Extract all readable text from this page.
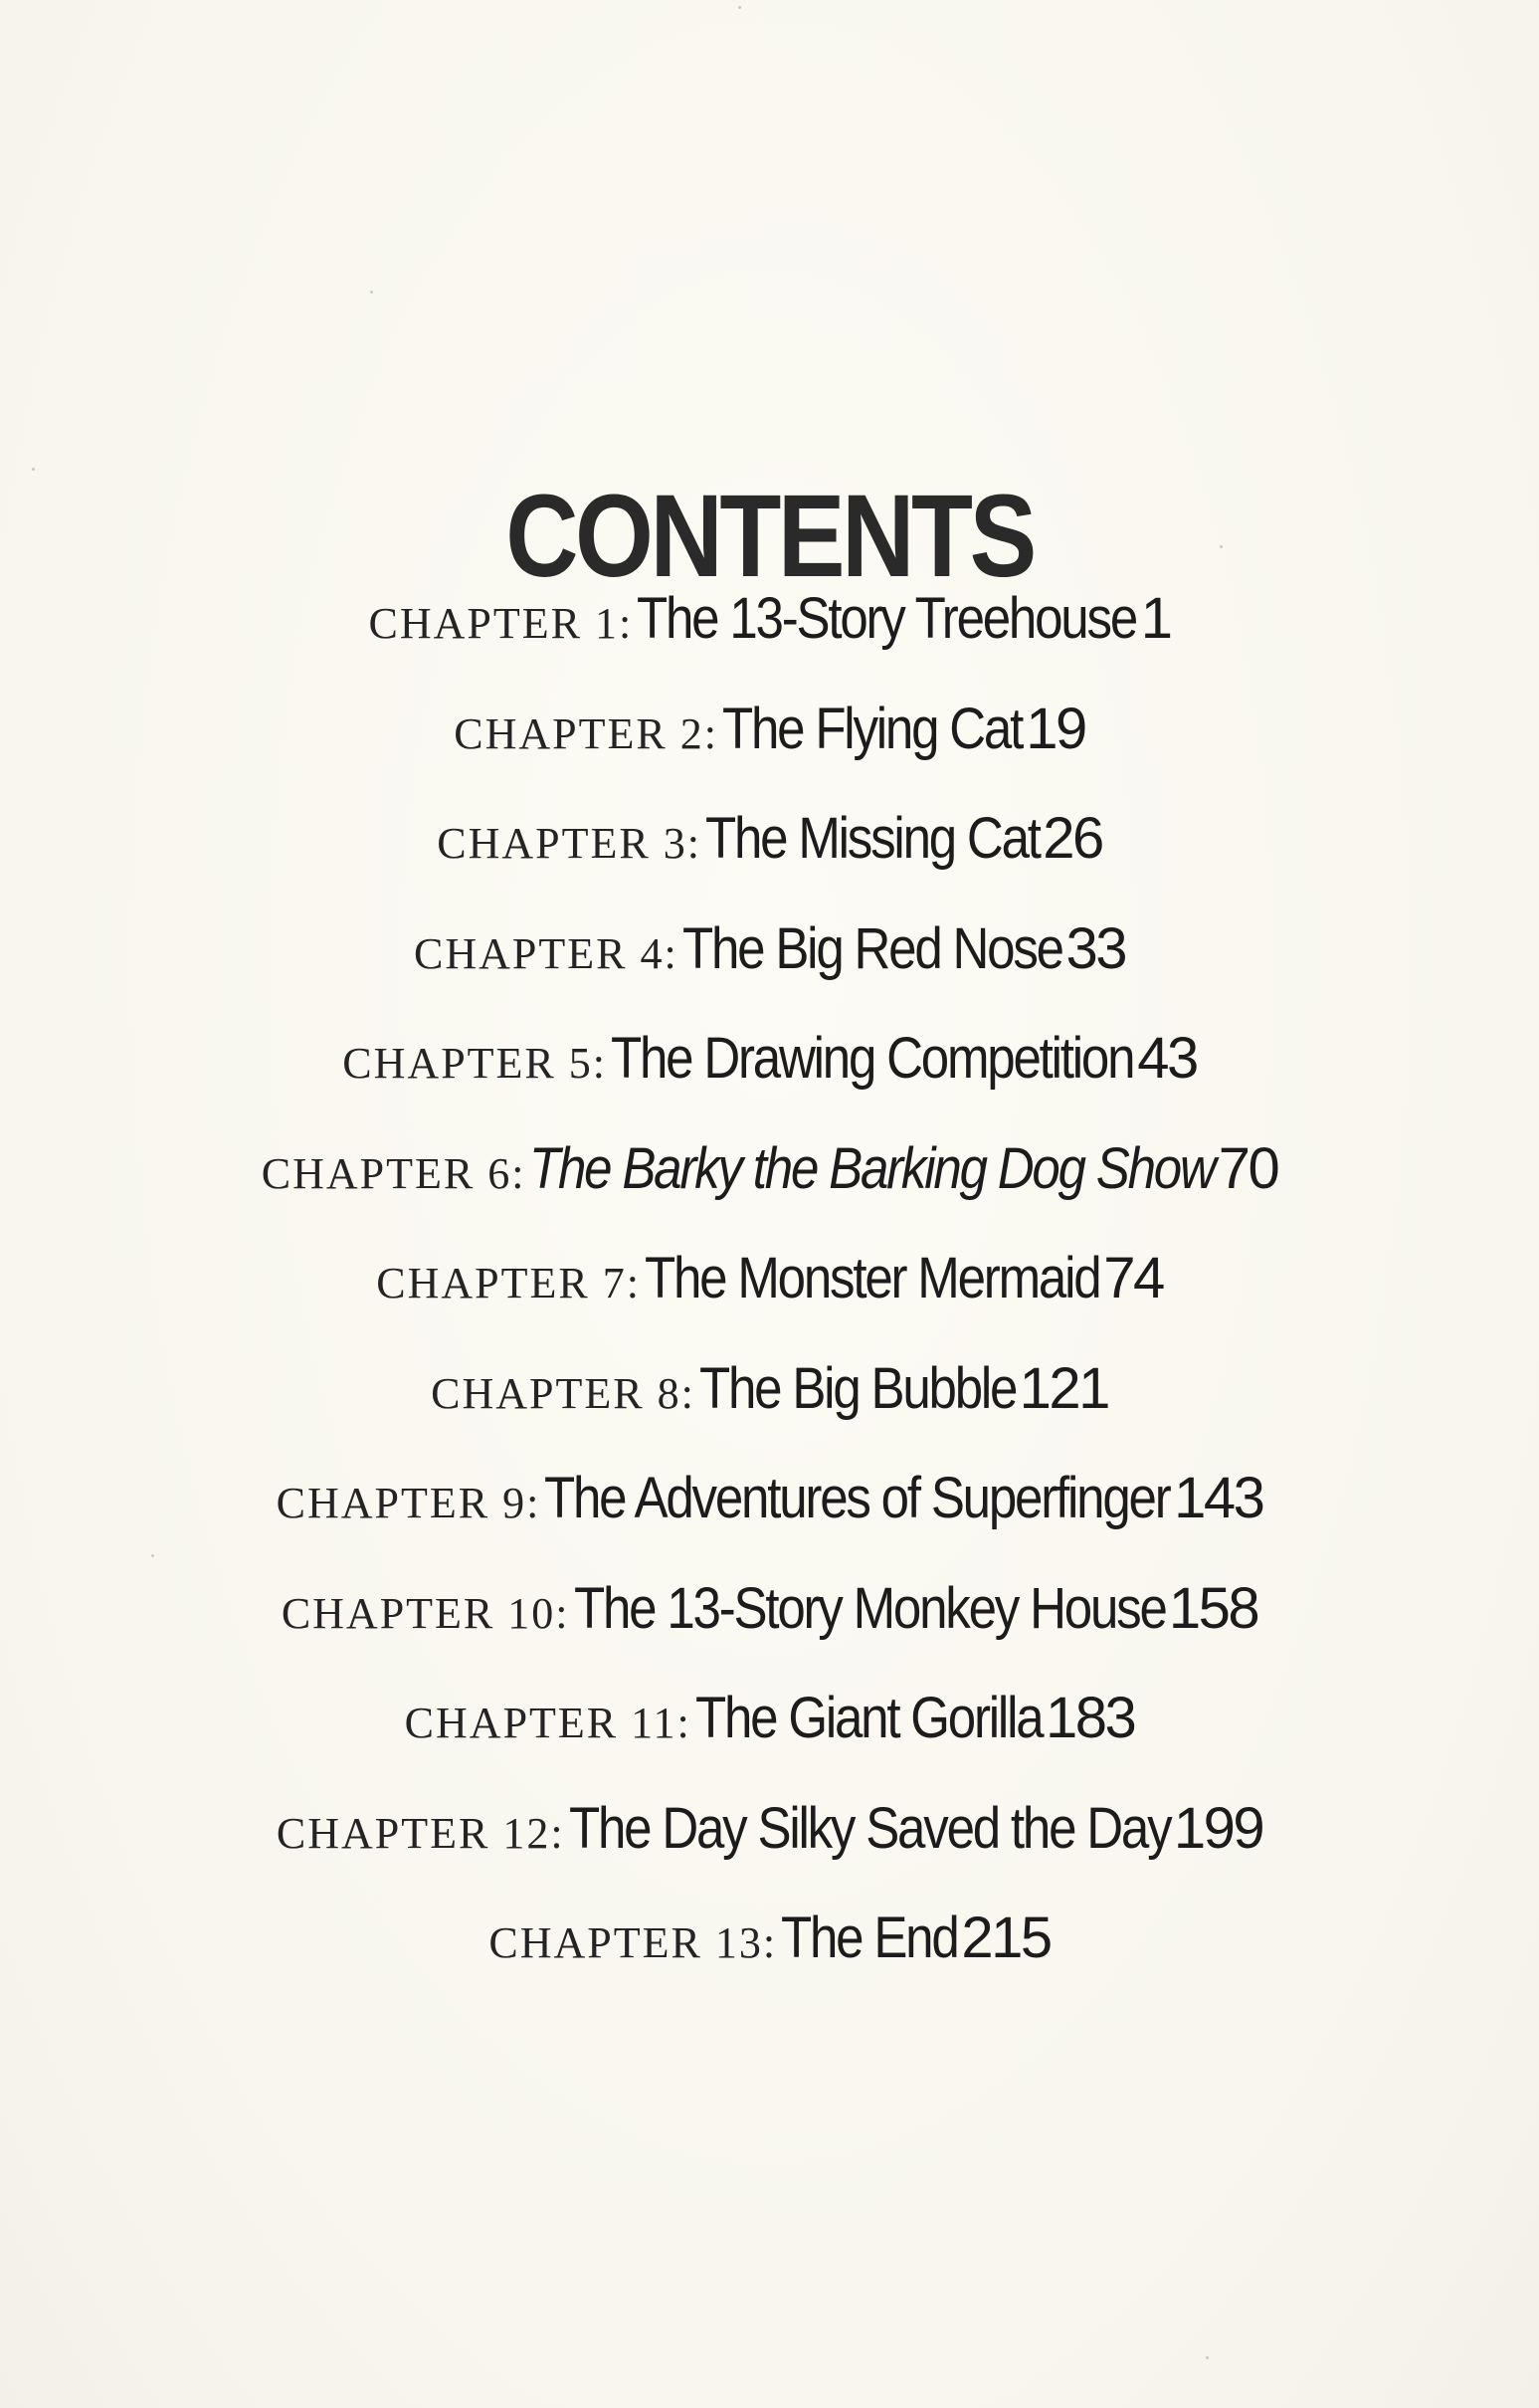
CONTENTS
CHAPTER 1: The 13-Story Treehouse 1
CHAPTER 2: The Flying Cat 19
CHAPTER 3: The Missing Cat 26
CHAPTER 4: The Big Red Nose 33
CHAPTER 5: The Drawing Competition 43
CHAPTER 6: The Barky the Barking Dog Show 70
CHAPTER 7: The Monster Mermaid 74
CHAPTER 8: The Big Bubble 121
CHAPTER 9: The Adventures of Superfinger 143
CHAPTER 10: The 13-Story Monkey House 158
CHAPTER 11: The Giant Gorilla 183
CHAPTER 12: The Day Silky Saved the Day 199
CHAPTER 13: The End 215
